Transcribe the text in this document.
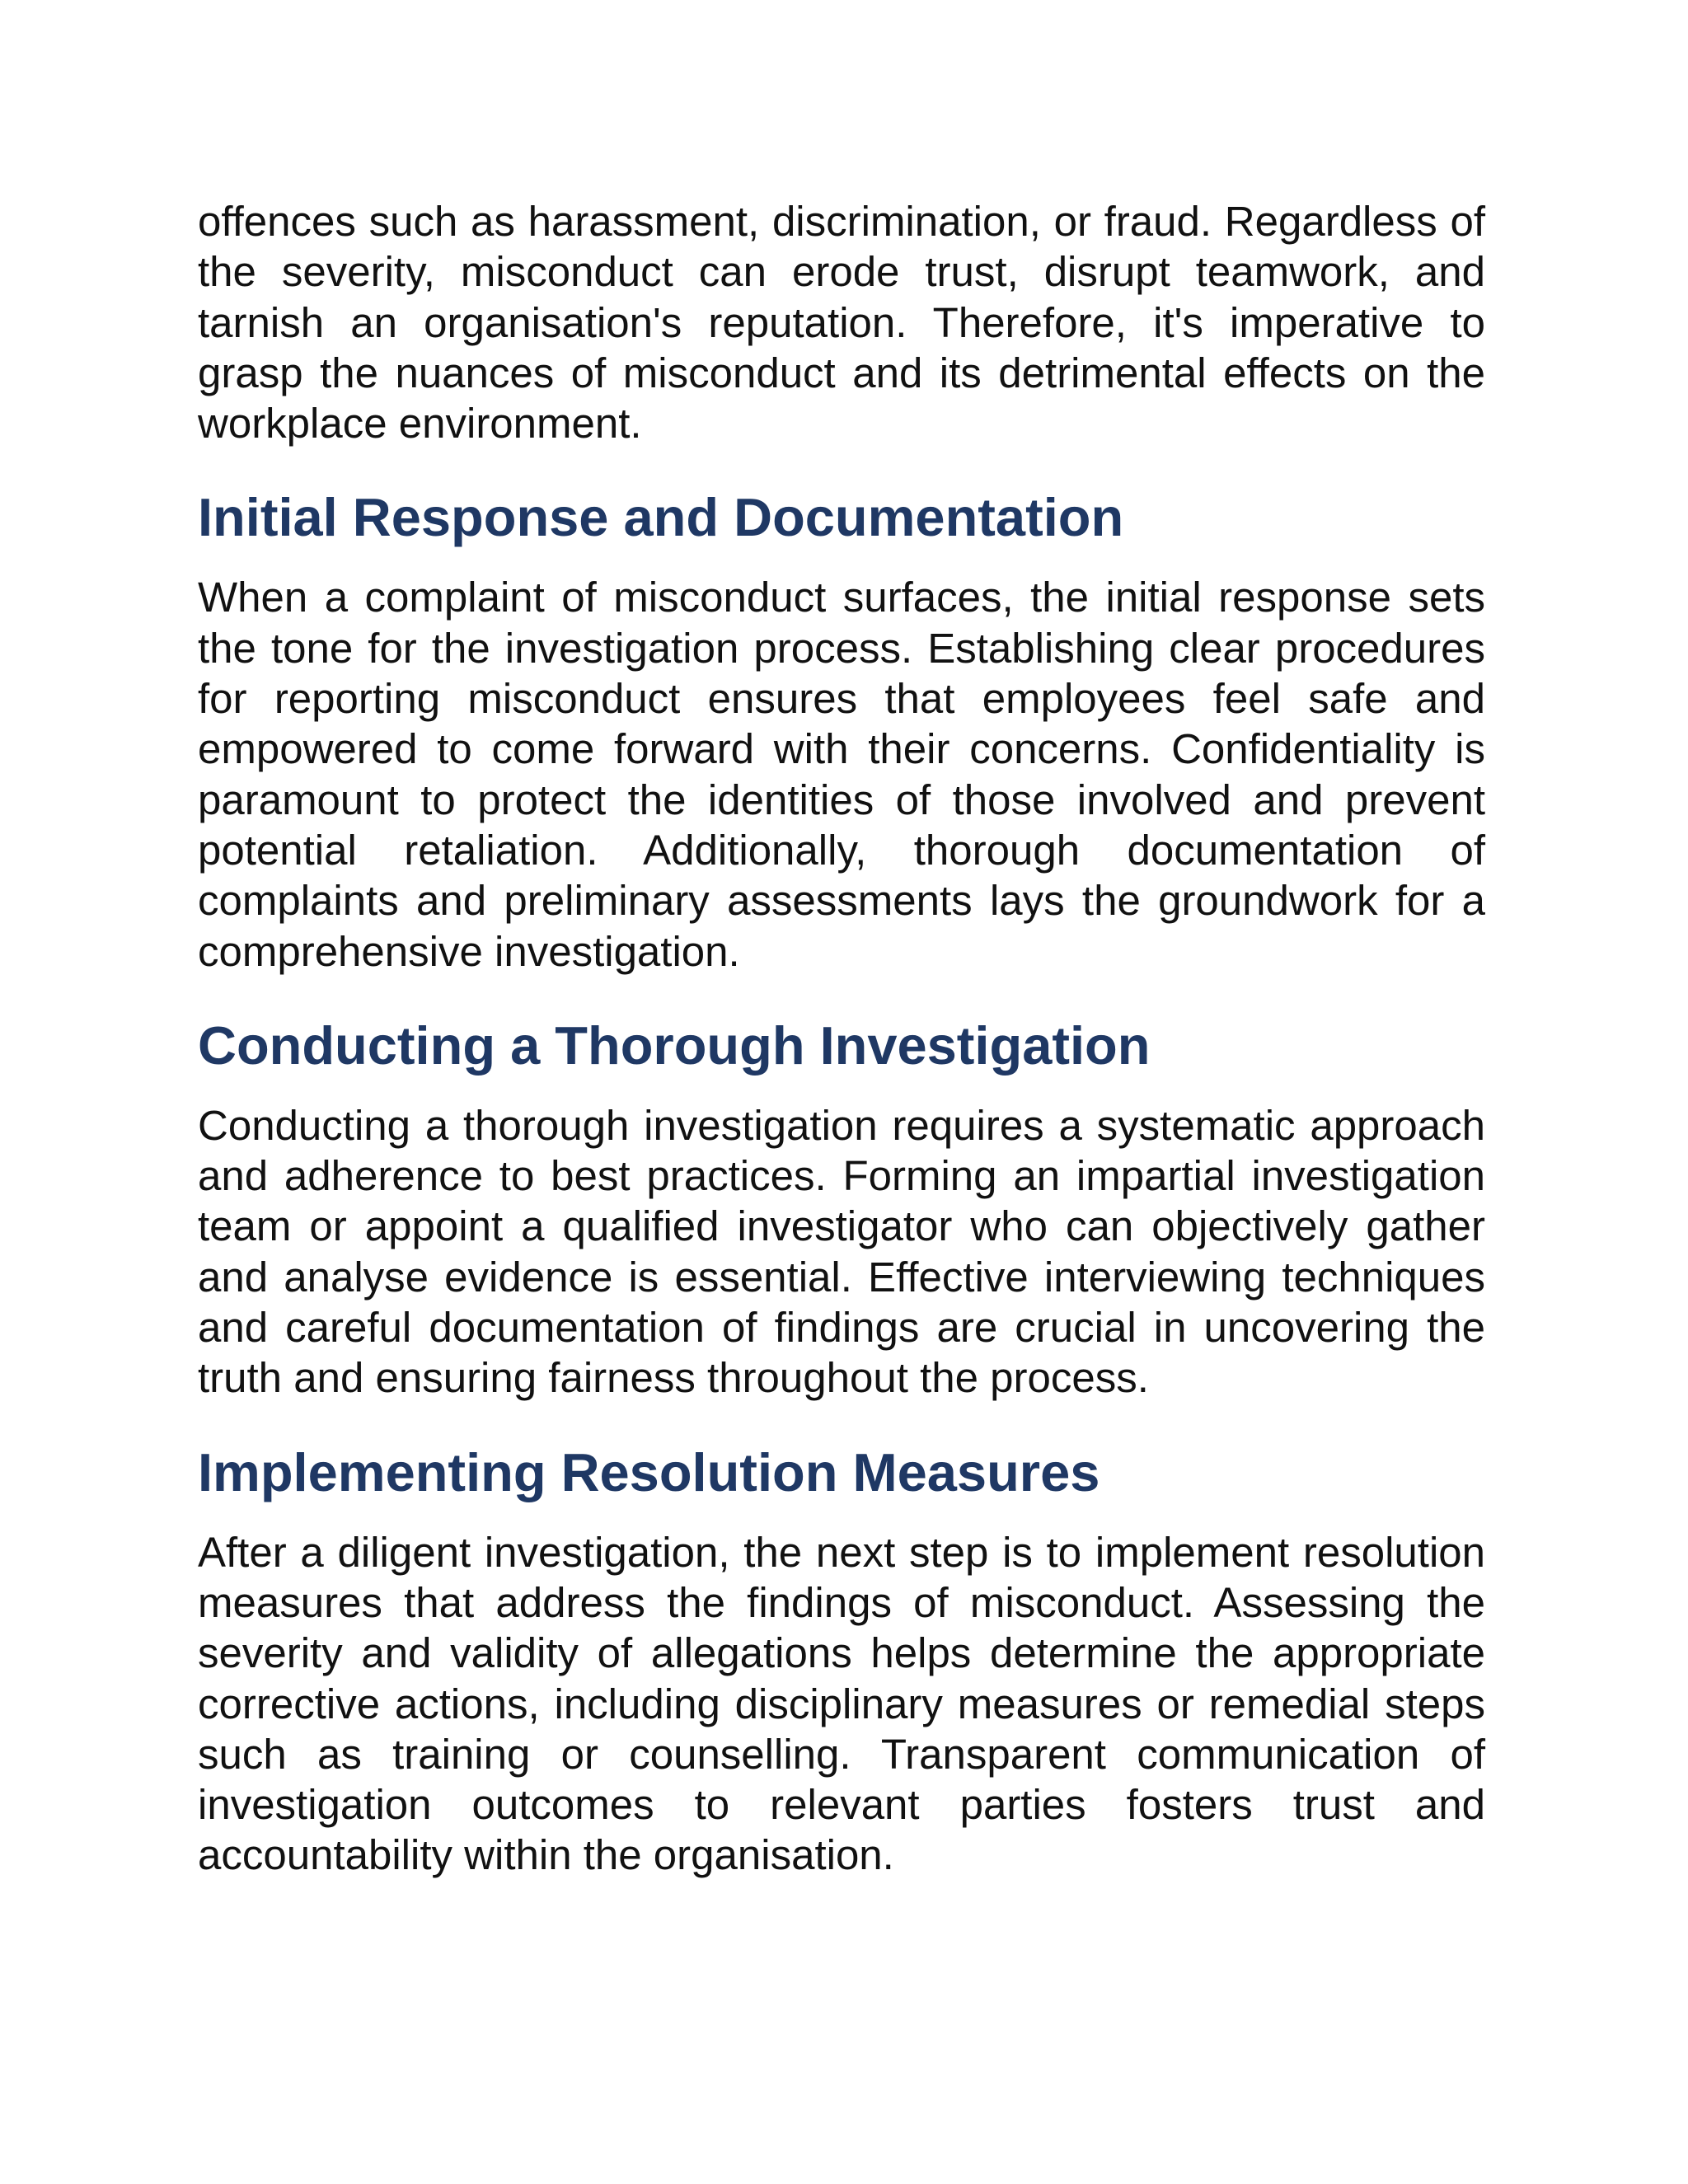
offences such as harassment, discrimination, or fraud. Regardless of the severity, misconduct can erode trust, disrupt teamwork, and tarnish an organisation's reputation. Therefore, it's imperative to grasp the nuances of misconduct and its detrimental effects on the workplace environment.

Initial Response and Documentation

When a complaint of misconduct surfaces, the initial response sets the tone for the investigation process. Establishing clear procedures for reporting misconduct ensures that employees feel safe and empowered to come forward with their concerns. Confidentiality is paramount to protect the identities of those involved and prevent potential retaliation. Additionally, thorough documentation of complaints and preliminary assessments lays the groundwork for a comprehensive investigation.

Conducting a Thorough Investigation

Conducting a thorough investigation requires a systematic approach and adherence to best practices. Forming an impartial investigation team or appoint a qualified investigator who can objectively gather and analyse evidence is essential. Effective interviewing techniques and careful documentation of findings are crucial in uncovering the truth and ensuring fairness throughout the process.

Implementing Resolution Measures

After a diligent investigation, the next step is to implement resolution measures that address the findings of misconduct. Assessing the severity and validity of allegations helps determine the appropriate corrective actions, including disciplinary measures or remedial steps such as training or counselling. Transparent communication of investigation outcomes to relevant parties fosters trust and accountability within the organisation.
